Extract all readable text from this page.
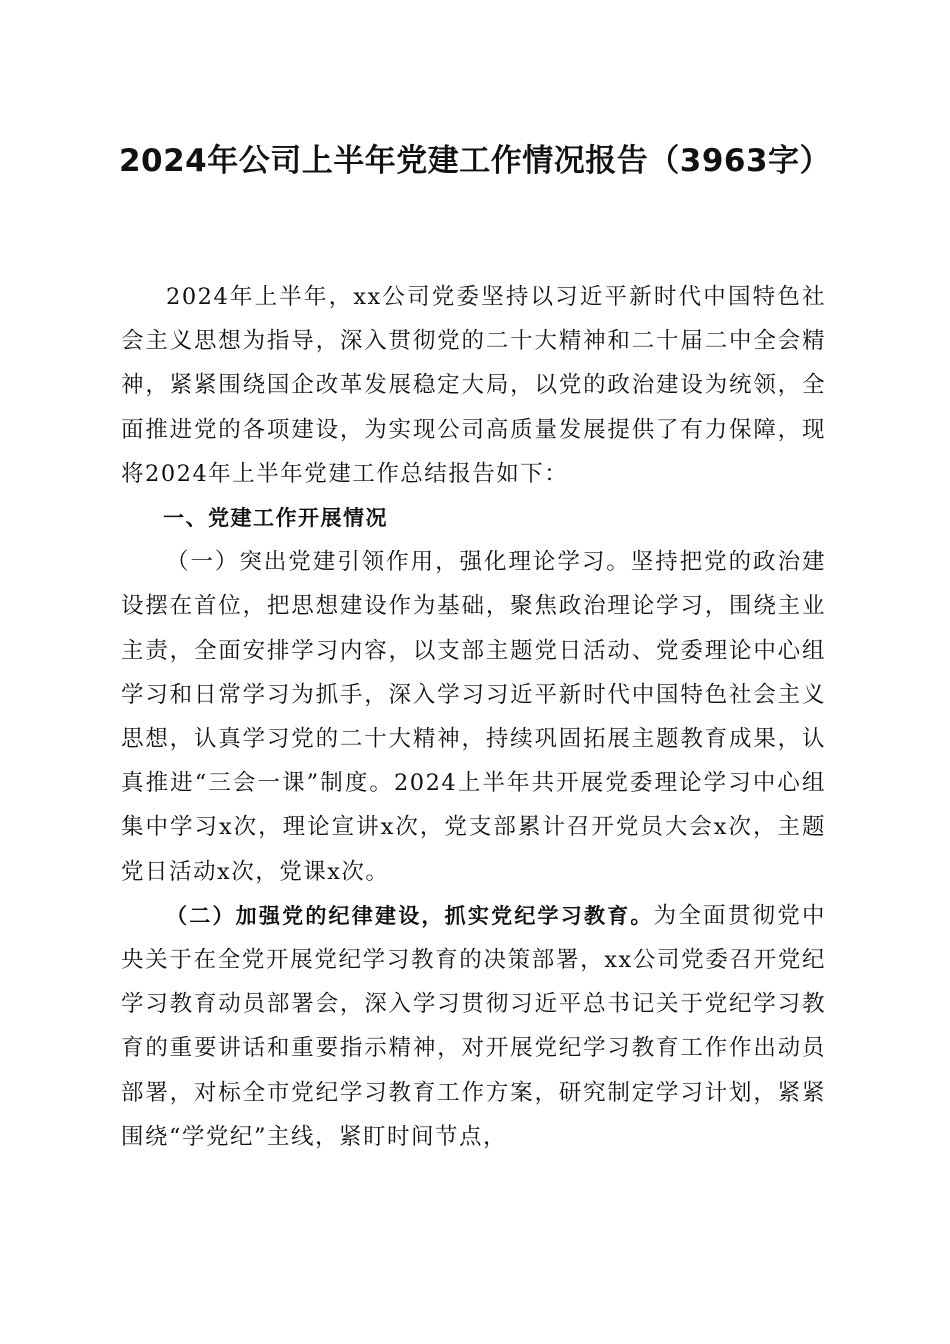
2024年公司上半年党建工作情况报告（3963字）

2024年上半年，xx公司党委坚持以习近平新时代中国特色社会主义思想为指导，深入贯彻党的二十大精神和二十届二中全会精神，紧紧围绕国企改革发展稳定大局，以党的政治建设为统领，全面推进党的各项建设，为实现公司高质量发展提供了有力保障，现将2024年上半年党建工作总结报告如下：

一、党建工作开展情况

（一）突出党建引领作用，强化理论学习。坚持把党的政治建设摆在首位，把思想建设作为基础，聚焦政治理论学习，围绕主业主责，全面安排学习内容，以支部主题党日活动、党委理论中心组学习和日常学习为抓手，深入学习习近平新时代中国特色社会主义思想，认真学习党的二十大精神，持续巩固拓展主题教育成果，认真推进“三会一课”制度。2024上半年共开展党委理论学习中心组集中学习x次，理论宣讲x次，党支部累计召开党员大会x次，主题党日活动x次，党课x次。

（二）加强党的纪律建设，抓实党纪学习教育。为全面贯彻党中央关于在全党开展党纪学习教育的决策部署，xx公司党委召开党纪学习教育动员部署会，深入学习贯彻习近平总书记关于党纪学习教育的重要讲话和重要指示精神，对开展党纪学习教育工作作出动员部署，对标全市党纪学习教育工作方案，研究制定学习计划，紧紧围绕“学党纪”主线，紧盯时间节点，
